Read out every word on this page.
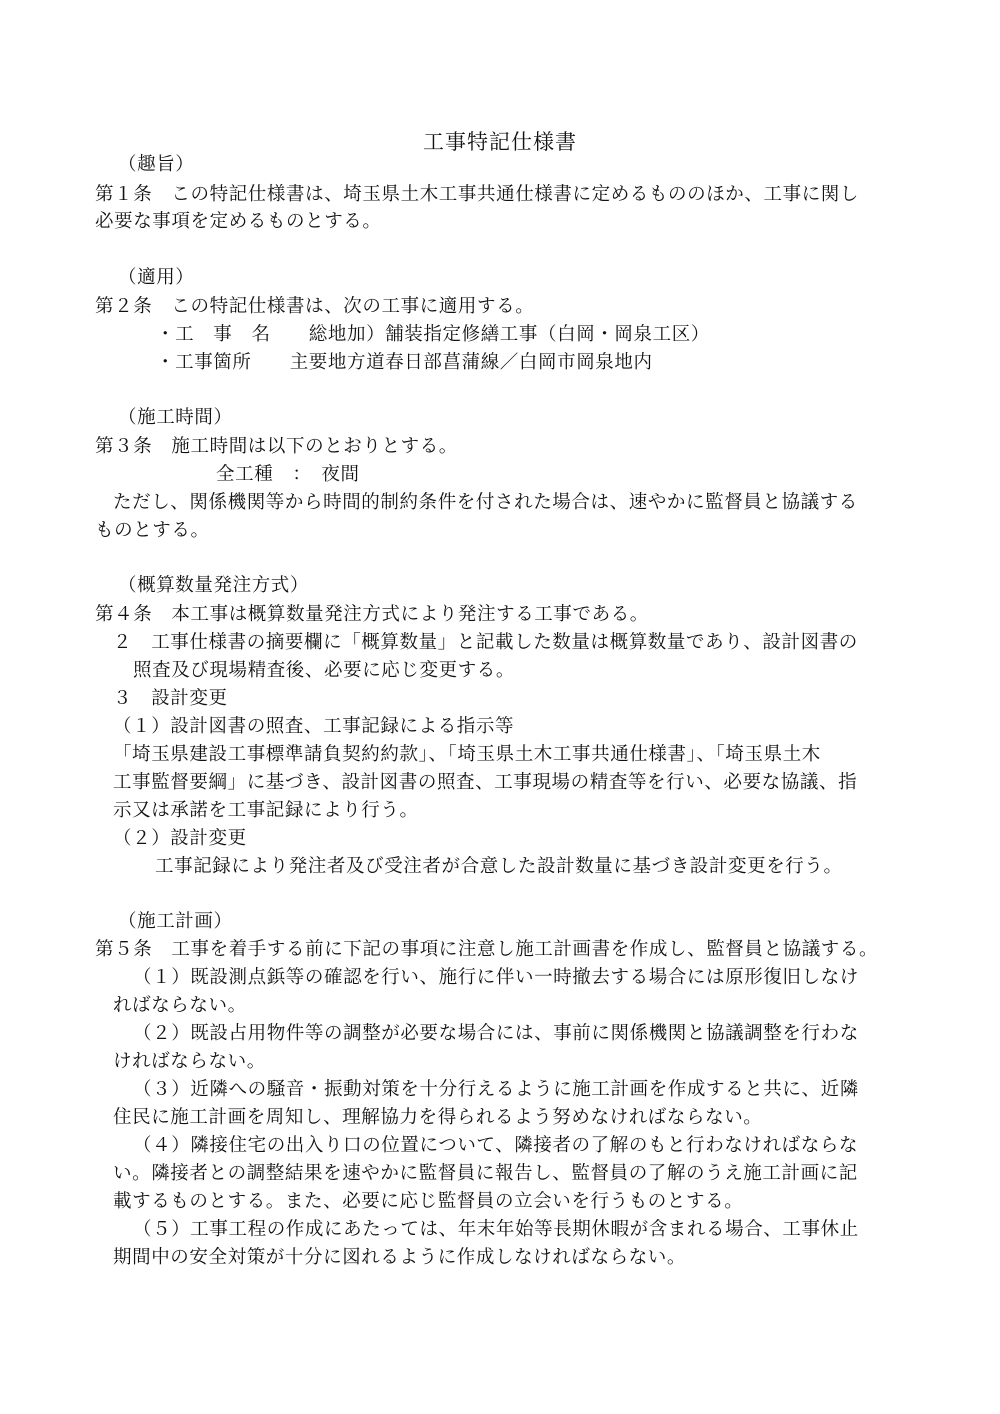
工事特記仕様書
（趣旨）
第１条　この特記仕様書は、埼玉県土木工事共通仕様書に定めるもののほか、工事に関し
必要な事項を定めるものとする。
（適用）
第２条　この特記仕様書は、次の工事に適用する。
・工　事　名　　総地加）舗装指定修繕工事（白岡・岡泉工区）
・工事箇所　　主要地方道春日部菖蒲線／白岡市岡泉地内
（施工時間）
第３条　施工時間は以下のとおりとする。
全工種　：　夜間
ただし、関係機関等から時間的制約条件を付された場合は、速やかに監督員と協議する
ものとする。
（概算数量発注方式）
第４条　本工事は概算数量発注方式により発注する工事である。
２　工事仕様書の摘要欄に「概算数量」と記載した数量は概算数量であり、設計図書の
照査及び現場精査後、必要に応じ変更する。
３　設計変更
（１）設計図書の照査、工事記録による指示等
「埼玉県建設工事標準請負契約約款」、「埼玉県土木工事共通仕様書」、「埼玉県土木
工事監督要綱」に基づき、設計図書の照査、工事現場の精査等を行い、必要な協議、指
示又は承諾を工事記録により行う。
（２）設計変更
工事記録により発注者及び受注者が合意した設計数量に基づき設計変更を行う。
（施工計画）
第５条　工事を着手する前に下記の事項に注意し施工計画書を作成し、監督員と協議する。
（１）既設測点鋲等の確認を行い、施行に伴い一時撤去する場合には原形復旧しなけ
ればならない。
（２）既設占用物件等の調整が必要な場合には、事前に関係機関と協議調整を行わな
ければならない。
（３）近隣への騒音・振動対策を十分行えるように施工計画を作成すると共に、近隣
住民に施工計画を周知し、理解協力を得られるよう努めなければならない。
（４）隣接住宅の出入り口の位置について、隣接者の了解のもと行わなければならな
い。隣接者との調整結果を速やかに監督員に報告し、監督員の了解のうえ施工計画に記
載するものとする。また、必要に応じ監督員の立会いを行うものとする。
（５）工事工程の作成にあたっては、年末年始等長期休暇が含まれる場合、工事休止
期間中の安全対策が十分に図れるように作成しなければならない。
